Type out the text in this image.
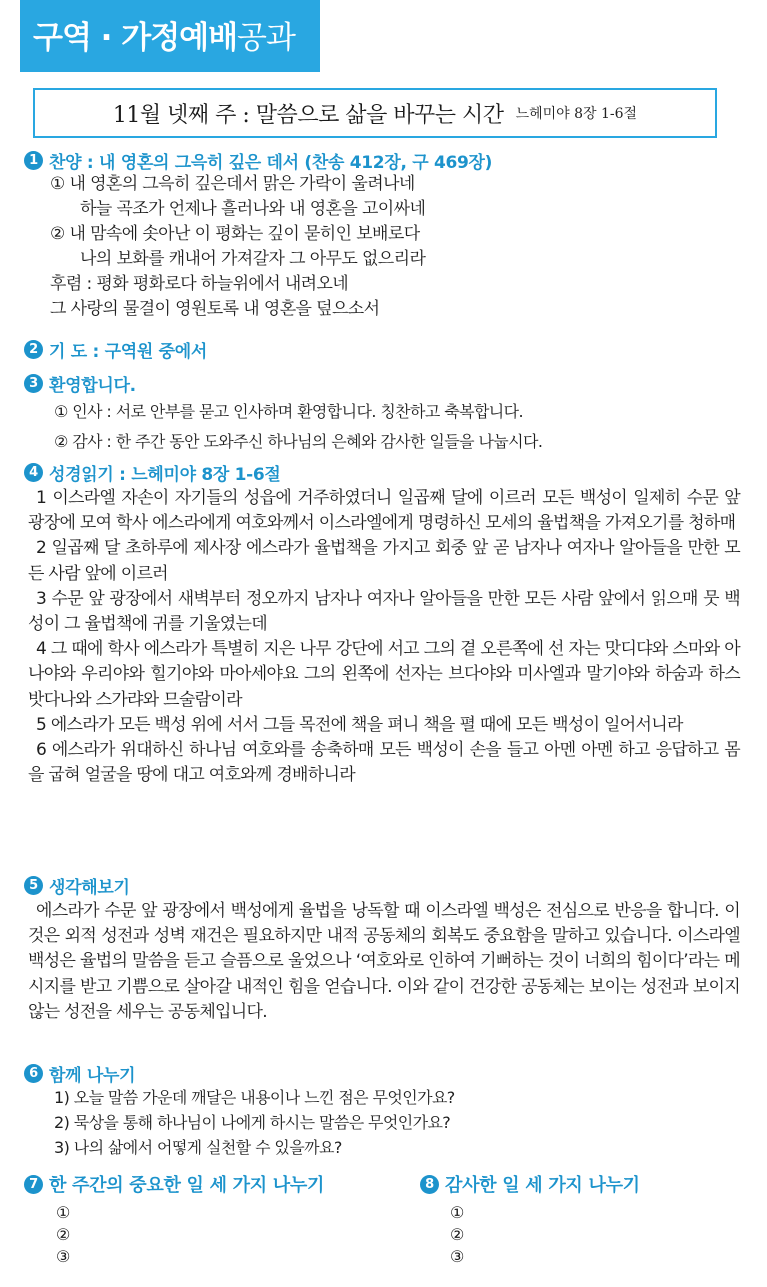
구역 · 가정예배공과
11월 넷째 주 : 말씀으로 삶을 바꾸는 시간 느헤미야 8장 1-6절
1 찬양 : 내 영혼의 그윽히 깊은 데서 (찬송 412장, 구 469장)
① 내 영혼의 그윽히 깊은데서 맑은 가락이 울려나네
하늘 곡조가 언제나 흘러나와 내 영혼을 고이싸네
② 내 맘속에 솟아난 이 평화는 깊이 묻히인 보배로다
나의 보화를 캐내어 가져갈자 그 아무도 없으리라
후렴 : 평화 평화로다 하늘위에서 내려오네
그 사랑의 물결이 영원토록 내 영혼을 덮으소서
2 기 도 : 구역원 중에서
3 환영합니다.
① 인사 : 서로 안부를 묻고 인사하며 환영합니다. 칭찬하고 축복합니다.
② 감사 : 한 주간 동안 도와주신 하나님의 은혜와 감사한 일들을 나눕시다.
4 성경읽기 : 느헤미야 8장 1-6절

1 이스라엘 자손이 자기들의 성읍에 거주하였더니 일곱째 달에 이르러 모든 백성이 일제히 수문 앞 광장에 모여 학사 에스라에게 여호와께서 이스라엘에게 명령하신 모세의 율법책을 가져오기를 청하매

2 일곱째 달 초하루에 제사장 에스라가 율법책을 가지고 회중 앞 곧 남자나 여자나 알아들을 만한 모든 사람 앞에 이르러

3 수문 앞 광장에서 새벽부터 정오까지 남자나 여자나 알아들을 만한 모든 사람 앞에서 읽으매 뭇 백성이 그 율법책에 귀를 기울였는데

4 그 때에 학사 에스라가 특별히 지은 나무 강단에 서고 그의 곁 오른쪽에 선 자는 맛디댜와 스마와 아나야와 우리야와 힐기야와 마아세야요 그의 왼쪽에 선자는 브다야와 미사엘과 말기야와 하숨과 하스밧다나와 스가랴와 므술람이라

5 에스라가 모든 백성 위에 서서 그들 목전에 책을 펴니 책을 펼 때에 모든 백성이 일어서니라

6 에스라가 위대하신 하나님 여호와를 송축하매 모든 백성이 손을 들고 아멘 아멘 하고 응답하고 몸을 굽혀 얼굴을 땅에 대고 여호와께 경배하니라

5 생각해보기

에스라가 수문 앞 광장에서 백성에게 율법을 낭독할 때 이스라엘 백성은 전심으로 반응을 합니다. 이것은 외적 성전과 성벽 재건은 필요하지만 내적 공동체의 회복도 중요함을 말하고 있습니다. 이스라엘 백성은 율법의 말씀을 듣고 슬픔으로 울었으나 ‘여호와로 인하여 기뻐하는 것이 너희의 힘이다’라는 메시지를 받고 기쁨으로 살아갈 내적인 힘을 얻습니다. 이와 같이 건강한 공동체는 보이는 성전과 보이지 않는 성전을 세우는 공동체입니다.

6 함께 나누기
1) 오늘 말씀 가운데 깨달은 내용이나 느낀 점은 무엇인가요?
2) 묵상을 통해 하나님이 나에게 하시는 말씀은 무엇인가요?
3) 나의 삶에서 어떻게 실천할 수 있을까요?
7 한 주간의 중요한 일 세 가지 나누기
①
②
③
8 감사한 일 세 가지 나누기
①
②
③
